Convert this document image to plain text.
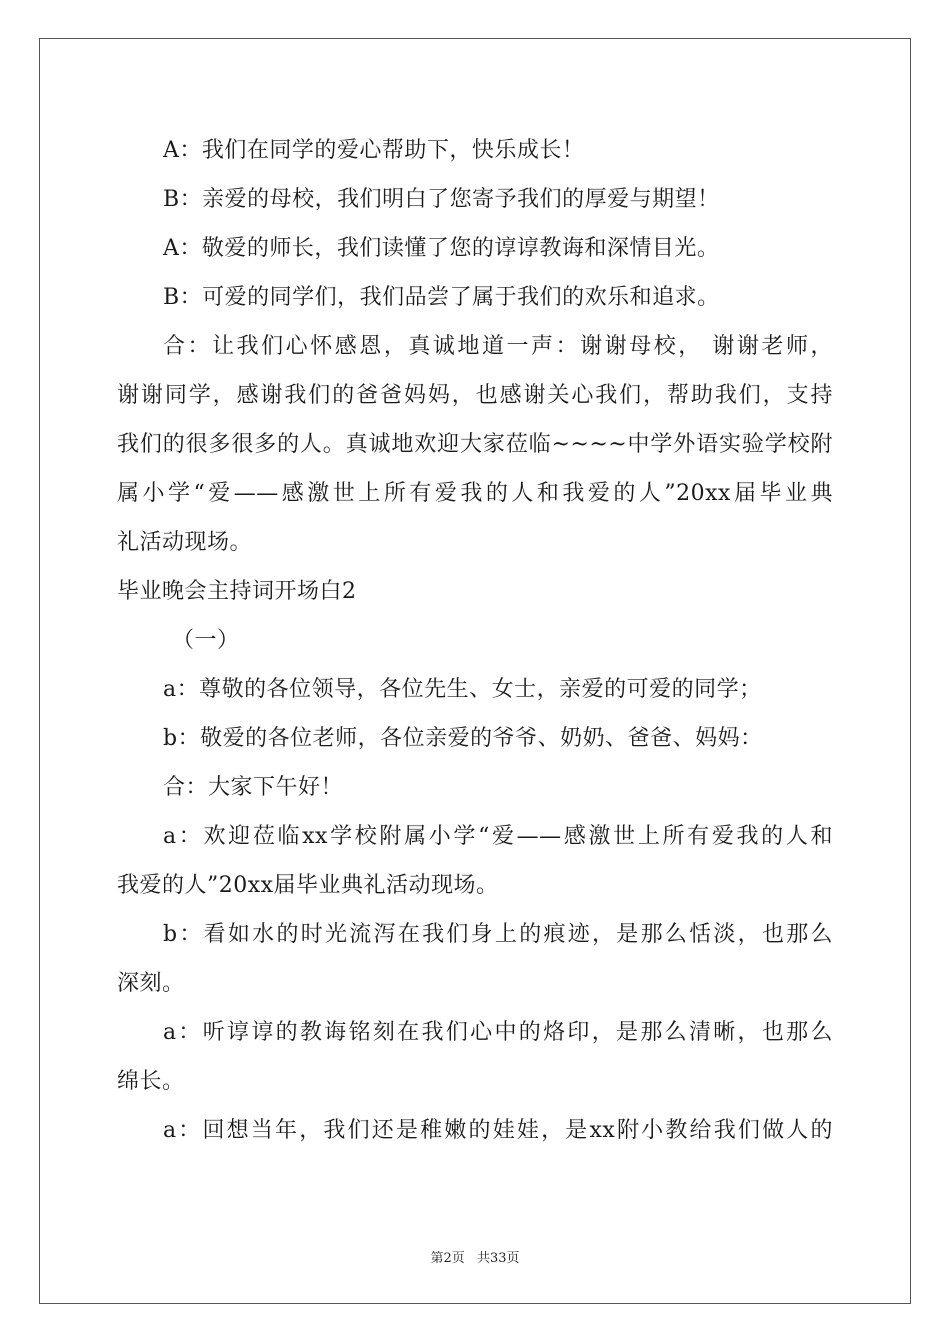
A：我们在同学的爱心帮助下，快乐成长！
B：亲爱的母校，我们明白了您寄予我们的厚爱与期望！
A：敬爱的师长，我们读懂了您的谆谆教诲和深情目光。
B：可爱的同学们，我们品尝了属于我们的欢乐和追求。
合：让我们心怀感恩，真诚地道一声：谢谢母校， 谢谢老师，
谢谢同学，感谢我们的爸爸妈妈，也感谢关心我们，帮助我们，支持
我们的很多很多的人。真诚地欢迎大家莅临~~~~中学外语实验学校附
属小学“爱——感激世上所有爱我的人和我爱的人”20xx届毕业典
礼活动现场。
毕业晚会主持词开场白2
（一）
a：尊敬的各位领导，各位先生、女士，亲爱的可爱的同学；
b：敬爱的各位老师，各位亲爱的爷爷、奶奶、爸爸、妈妈：
合：大家下午好！
a：欢迎莅临xx学校附属小学“爱——感激世上所有爱我的人和
我爱的人”20xx届毕业典礼活动现场。
b：看如水的时光流泻在我们身上的痕迹，是那么恬淡，也那么
深刻。
a：听谆谆的教诲铭刻在我们心中的烙印，是那么清晰，也那么
绵长。
a：回想当年，我们还是稚嫩的娃娃，是xx附小教给我们做人的
第2页 共33页
